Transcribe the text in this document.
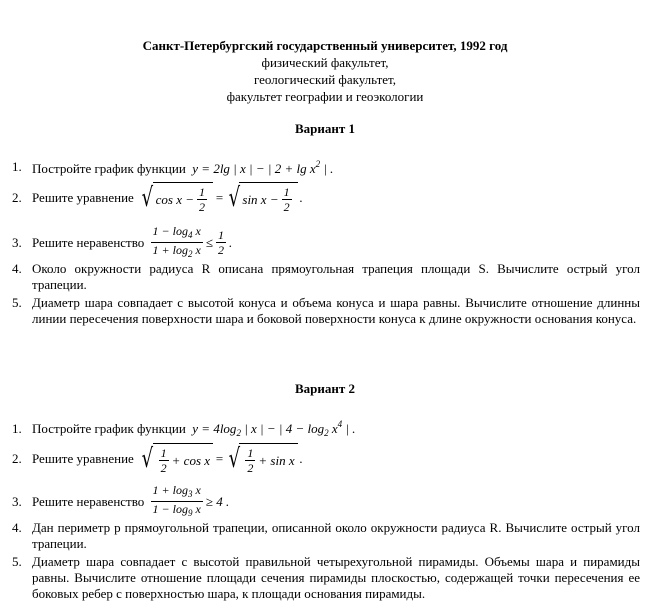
Санкт-Петербургский государственный университет, 1992 год
физический факультет,
геологический факультет,
факультет географии и геоэкологии
Вариант 1
1. Постройте график функции y = 2lg | x | − | $2 + \lg x^2$ | .
2. Решите уравнение
√ $\cos x - \frac{1}{2}$ = √ $\sin x - \frac{1}{2}$ .
3. Решите неравенство
$\frac{1 - \log_4 x}{1 + \log_2 x} \le \frac{1}{2}$ .
4. Около окружности радиуса R описана прямоугольная трапеция площади S. Вычислите острый угол трапеции.
5. Диаметр шара совпадает с высотой конуса и объема конуса и шара равны. Вычислите отношение длинны линии пересечения поверхности шара и боковой поверхности конуса к длине окружности основания конуса.
Вариант 2
1. Постройте график функции $y = 4\log_2$ | x | − | $4 - \log_2 x^4$ | .
2. Решите уравнение
√ $\frac{1}{2} + \cos x$ = √ $\frac{1}{2} + \sin x$ .
3. Решите неравенство
$\frac{1 + \log_3 x}{1 - \log_9 x} \ge 4$ .
4. Дан периметр p прямоугольной трапеции, описанной около окружности радиуса R. Вычислите острый угол трапеции.
5. Диаметр шара совпадает с высотой правильной четырехугольной пирамиды. Объемы шара и пирамиды равны. Вычислите отношение площади сечения пирамиды плоскостью, содержащей точки пересечения ее боковых ребер с поверхностью шара, к площади основания пирамиды.
